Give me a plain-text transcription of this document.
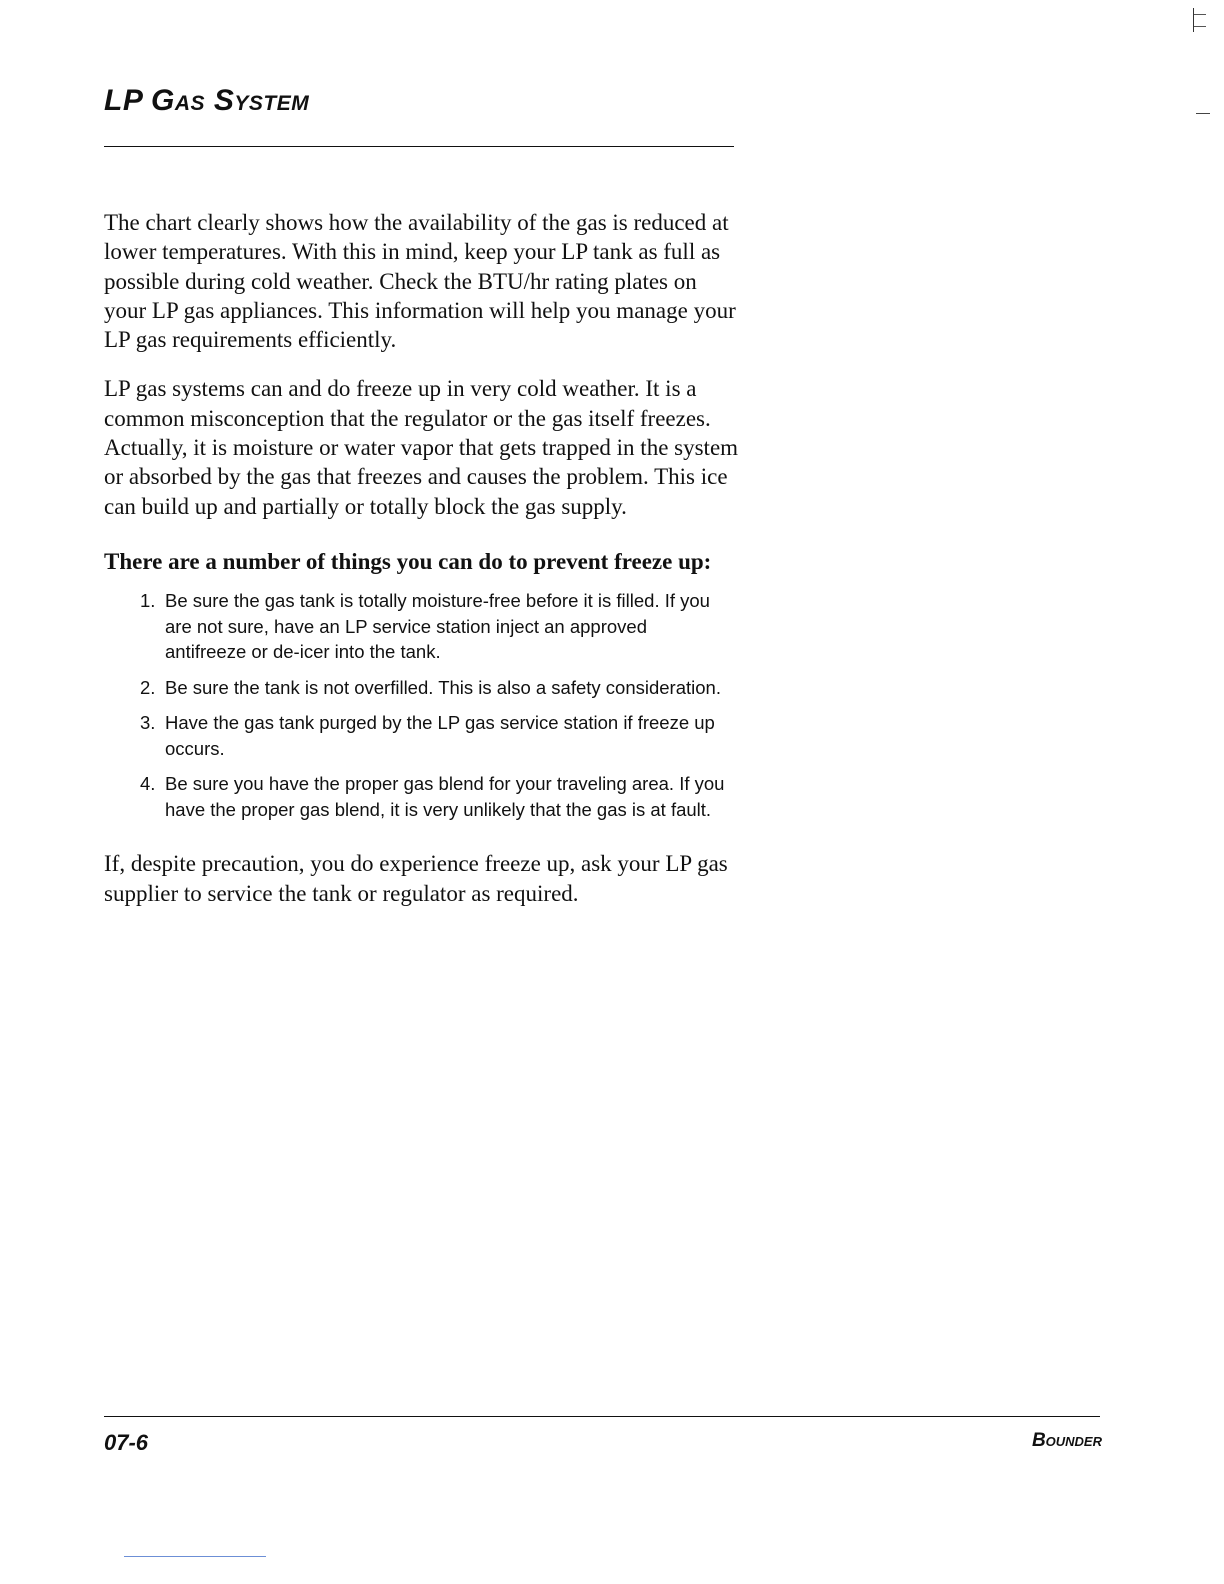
LP Gas System

The chart clearly shows how the availability of the gas is reduced at lower temperatures. With this in mind, keep your LP tank as full as possible during cold weather. Check the BTU/hr rating plates on your LP gas appliances. This information will help you manage your LP gas requirements efficiently.

LP gas systems can and do freeze up in very cold weather. It is a common misconception that the regulator or the gas itself freezes. Actually, it is moisture or water vapor that gets trapped in the system or absorbed by the gas that freezes and causes the problem. This ice can build up and partially or totally block the gas supply.

There are a number of things you can do to prevent freeze up:

1. Be sure the gas tank is totally moisture-free before it is filled. If you are not sure, have an LP service station inject an approved antifreeze or de-icer into the tank.
2. Be sure the tank is not overfilled. This is also a safety consideration.
3. Have the gas tank purged by the LP gas service station if freeze up occurs.
4. Be sure you have the proper gas blend for your traveling area. If you have the proper gas blend, it is very unlikely that the gas is at fault.

If, despite precaution, you do experience freeze up, ask your LP gas supplier to service the tank or regulator as required.

07-6	Bounder
